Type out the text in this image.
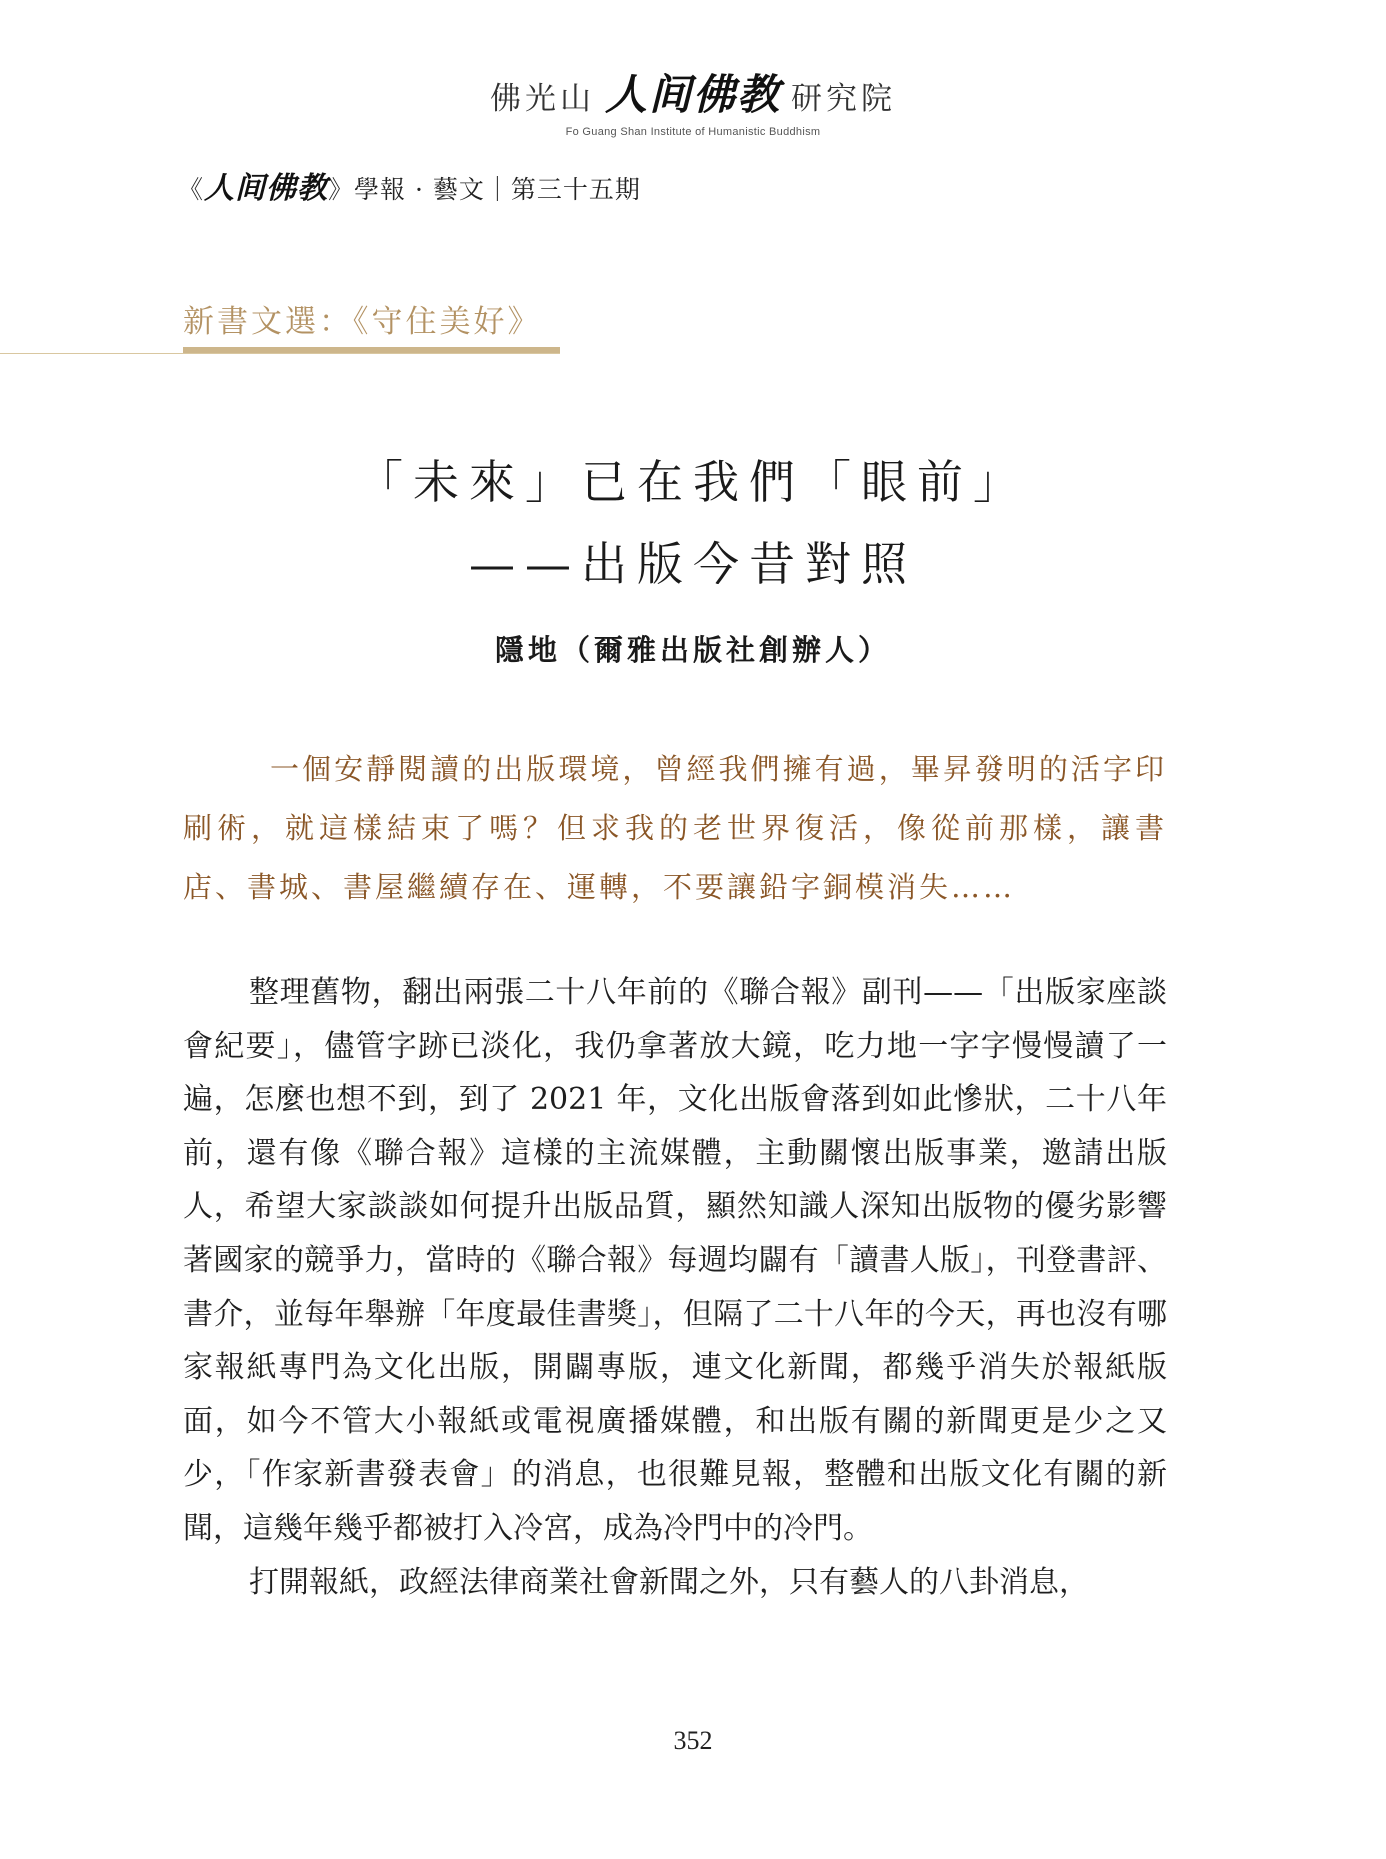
佛光山 人间佛教 研究院
Fo Guang Shan Institute of Humanistic Buddhism
《人间佛教》學報 · 藝文｜第三十五期
新書文選：《守住美好》
「未來」已在我們「眼前」
——出版今昔對照
隱地（爾雅出版社創辦人）

一個安靜閱讀的出版環境，曾經我們擁有過，畢昇發明的活字印刷術，就這樣結束了嗎？但求我的老世界復活，像從前那樣，讓書店、書城、書屋繼續存在、運轉，不要讓鉛字銅模消失……

整理舊物，翻出兩張二十八年前的《聯合報》副刊——「出版家座談會紀要」，儘管字跡已淡化，我仍拿著放大鏡，吃力地一字字慢慢讀了一遍，怎麼也想不到，到了 2021 年，文化出版會落到如此慘狀，二十八年前，還有像《聯合報》這樣的主流媒體，主動關懷出版事業，邀請出版人，希望大家談談如何提升出版品質，顯然知識人深知出版物的優劣影響著國家的競爭力，當時的《聯合報》每週均闢有「讀書人版」，刊登書評、書介，並每年舉辦「年度最佳書獎」，但隔了二十八年的今天，再也沒有哪家報紙專門為文化出版，開闢專版，連文化新聞，都幾乎消失於報紙版面，如今不管大小報紙或電視廣播媒體，和出版有關的新聞更是少之又少，「作家新書發表會」的消息，也很難見報，整體和出版文化有關的新聞，這幾年幾乎都被打入冷宮，成為冷門中的冷門。

打開報紙，政經法律商業社會新聞之外，只有藝人的八卦消息，

352
